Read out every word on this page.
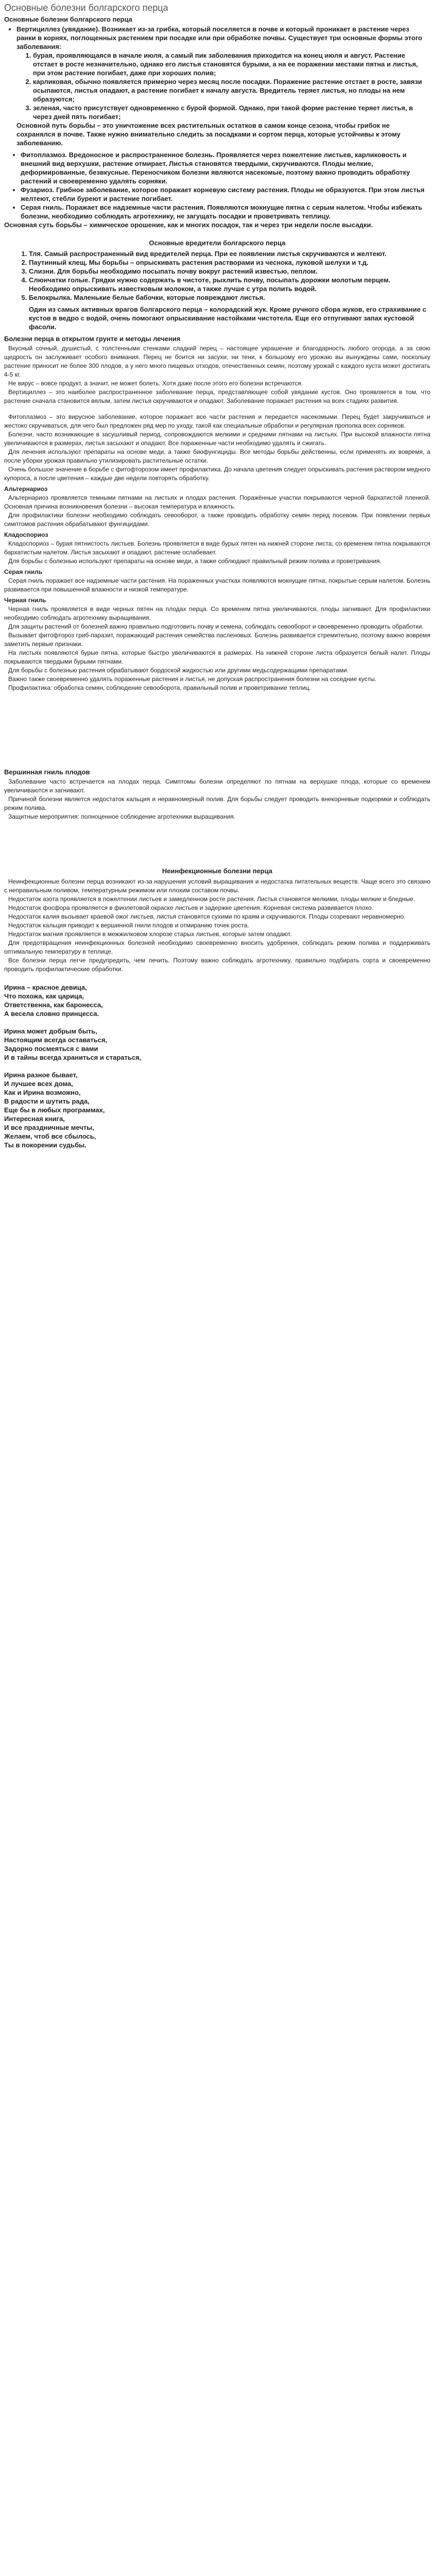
Основные болезни болгарского перца
Основные болезни болгарского перца
• Вертициллез (увядание). Возникает из-за грибка, который поселяется в почве и который проникает в растение через ранки в корнях, поглощенных растением при посадке или при обработке почвы. Существует три основные формы этого заболевания:
1. бурая, проявляющаяся в начале июля, а самый пик заболевания приходится на конец июля и август. Растение отстает в росте незначительно, однако его листья становятся бурыми, а на ее поражении местами пятна и листья, при этом растение погибает, даже при хороших полив;
2. карликовая, обычно появляется примерно через месяц после посадки. Поражение растение отстает в росте, завязи осыпаются, листья опадают, а растение погибает к началу августа. Вредитель теряет листья, но плоды на нем образуются;
3. зеленая, часто присутствует одновременно с бурой формой. Однако, при такой форме растение теряет листья, в через дней пять погибает;
Основной путь борьбы – это уничтожение всех растительных остатков в самом конце сезона, чтобы грибок не сохранялся в почве. Также нужно внимательно следить за посадками и сортом перца, которые устойчивы к этому заболеванию.
• Фитоплазмоз. Вредоносное и распространенное болезнь. Проявляется через пожелтение листьев, карликовость и внешний вид верхушки, растение отмирает. Листья становятся твердыми, скручиваются. Плоды мелкие, деформированные, безвкусные. Переносчиком болезни являются насекомые, поэтому важно проводить обработку растений и своевременно удалять сорняки.
• Фузариоз. Грибное заболевание, которое поражает корневую систему растения. Плоды не образуются. При этом листья желтеют, стебли буреют и растение погибает.
• Серая гниль. Поражает все надземные части растения. Появляются мокнущие пятна с серым налетом. Чтобы избежать болезни, необходимо соблюдать агротехнику, не загущать посадки и проветривать теплицу.
Основная суть борьбы – химическое орошение, как и многих посадок, так и через три недели после высадки.
Основные вредители болгарского перца
1. Тля. Самый распространенный вид вредителей перца. При ее появлении листья скручиваются и желтеют.
2. Паутинный клещ. Мы борьбы – опрыскивать растения растворами из чеснока, луковой шелухи и т.д.
3. Слизни. Для борьбы необходимо посыпать почву вокруг растений известью, пеплом.
4. Слюнчатки голые. Грядки нужно содержать в чистоте, рыхлить почву, посыпать дорожки молотым перцем. Необходимо опрыскивать известковым молоком, а также лучше с утра полить водой.
5. Белокрылка. Маленькие белые бабочки, которые повреждают листья.
Один из самых активных врагов болгарского перца – колорадский жук. Кроме ручного сбора жуков, его страхивание с кустов в ведро с водой, очень помогают опрыскивание настойками чистотела. Еще его отпугивают запах кустовой фасоли.
Болезни перца в открытом грунте и методы лечения

Вкусный сочный, душистый, с толстенными стенками сладкий перец – настоящее украшение и благодарность любого огорода, а за свою щедрость он заслуживает особого внимания. Перец не боится ни засухи, ни тени, к большому его урожаю вы вынуждены сами, поскольку растение приносит не более 300 плодов, а у него много пищевых отходов, отечественных семян, поэтому урожай с каждого куста может достигать 4-5 кг.

Не вирус – вовсе продукт, а значит, не может болеть. Хотя даже после этого его болезни встречаются.

Вертициллез – это наиболее распространенное заболевание перца, представляющее собой увядание кустов. Оно проявляется в том, что растение сначала становится вялым, затем листья скручиваются и опадают. Заболевание поражает растения на всех стадиях развития.

Фитоплазмоз – это вирусное заболевание, которое поражает все части растения и передается насекомыми. Перец будет закручиваться и жестоко скручиваться, для чего был предложен ряд мер по уходу, такой как специальные обработки и регулярная прополка всех сорняков.

Болезни, часто возникающие в засушливый период, сопровождаются мелкими и средними пятнами на листьях. При высокой влажности пятна увеличиваются в размерах, листья засыхают и опадают. Все пораженные части необходимо удалять и сжигать.

Для лечения используют препараты на основе меди, а также биофунгициды. Все методы борьбы действенны, если применять их вовремя, а после уборки урожая правильно утилизировать растительные остатки.

Очень большое значение в борьбе с фитофторозом имеет профилактика. До начала цветения следует опрыскивать растения раствором медного купороса, а после цветения – каждые две недели повторять обработку.

Альтернариоз

Альтернариоз проявляется темными пятнами на листьях и плодах растения. Поражённые участки покрываются черной бархатистой пленкой. Основная причина возникновения болезни – высокая температура и влажность.

Для профилактики болезни необходимо соблюдать севооборот, а также проводить обработку семян перед посевом. При появлении первых симптомов растения обрабатывают фунгицидами.

Кладоспориоз

Кладоспориоз – бурая пятнистость листьев. Болезнь проявляется в виде бурых пятен на нижней стороне листа, со временем пятна покрываются бархатистым налетом. Листья засыхают и опадают, растение ослабевает.

Для борьбы с болезнью используют препараты на основе меди, а также соблюдают правильный режим полива и проветривания.

Серая гниль

Серая гниль поражает все надземные части растения. На пораженных участках появляются мокнущие пятна, покрытые серым налетом. Болезнь развивается при повышенной влажности и низкой температуре.

Черная гниль

Черная гниль проявляется в виде черных пятен на плодах перца. Со временем пятна увеличиваются, плоды загнивают. Для профилактики необходимо соблюдать агротехнику выращивания.

Для защиты растений от болезней важно правильно подготовить почву и семена, соблюдать севооборот и своевременно проводить обработки.

Вызывает фитофтороз гриб-паразит, поражающий растения семейства пасленовых. Болезнь развивается стремительно, поэтому важно вовремя заметить первые признаки.

На листьях появляются бурые пятна, которые быстро увеличиваются в размерах. На нижней стороне листа образуется белый налет. Плоды покрываются твердыми бурыми пятнами.

Для борьбы с болезнью растения обрабатывают бордоской жидкостью или другими медьсодержащими препаратами.

Важно также своевременно удалять пораженные растения и листья, не допуская распространения болезни на соседние кусты.

Профилактика: обработка семян, соблюдение севооборота, правильный полив и проветривание теплиц.

Вершинная гниль плодов

Заболевание часто встречается на плодах перца. Симптомы болезни определяют по пятнам на верхушке плода, которые со временем увеличиваются и загнивают.

Причиной болезни является недостаток кальция и неравномерный полив. Для борьбы следует проводить внекорневые подкормки и соблюдать режим полива.

Защитные мероприятия: полноценное соблюдение агротехники выращивания.

Неинфекционные болезни перца

Неинфекционные болезни перца возникают из-за нарушения условий выращивания и недостатка питательных веществ. Чаще всего это связано с неправильным поливом, температурным режимом или плохим составом почвы.

Недостаток азота проявляется в пожелтении листьев и замедленном росте растения. Листья становятся мелкими, плоды мелкие и бледные.

Недостаток фосфора проявляется в фиолетовой окраске листьев и задержке цветения. Корневая система развивается плохо.

Недостаток калия вызывает краевой ожог листьев, листья становятся сухими по краям и скручиваются. Плоды созревают неравномерно.

Недостаток кальция приводит к вершинной гнили плодов и отмиранию точек роста.

Недостаток магния проявляется в межжилковом хлорозе старых листьев, которые затем опадают.

Для предотвращения неинфекционных болезней необходимо своевременно вносить удобрения, соблюдать режим полива и поддерживать оптимальную температуру в теплице.

Все болезни перца легче предупредить, чем лечить. Поэтому важно соблюдать агротехнику, правильно подбирать сорта и своевременно проводить профилактические обработки.

Ирина – красное девица,
Что похожа, как царица,
Ответственна, как баронесса,
А весела словно принцесса.

Ирина может добрым быть,
Настоящим всегда оставаться,
Задорно посмеяться с вами
И в тайны всегда храниться и стараться,

Ирина разное бывает,
И лучшее всех дома,
Как и Ирина возможно,
В радости и шутить рада,
Еще бы в любых программах,
Интересная книга,
И все праздничные мечты,
Желаем, чтоб все сбылось,
Ты в покорении судьбы.
